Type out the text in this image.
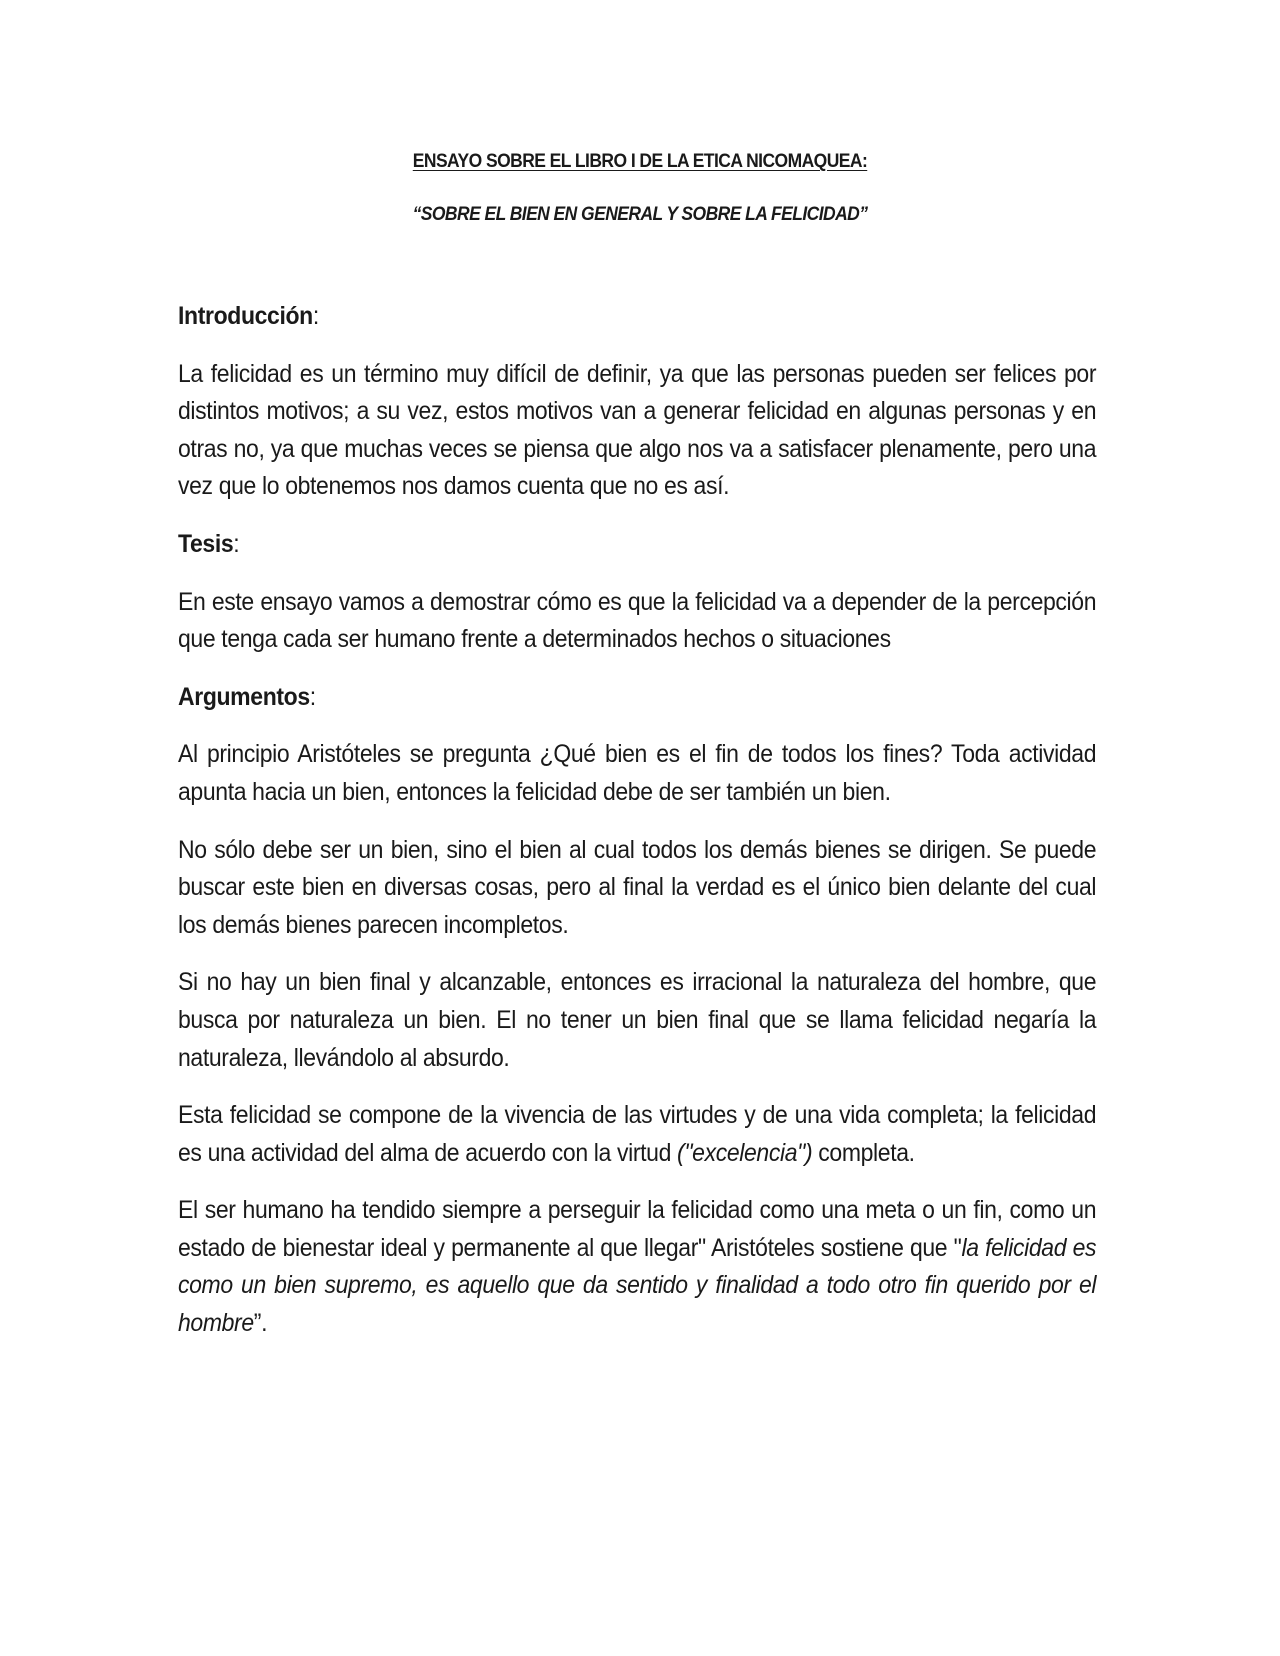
ENSAYO SOBRE EL LIBRO I DE LA ETICA NICOMAQUEA:
“SOBRE EL BIEN EN GENERAL Y SOBRE LA FELICIDAD”

Introducción:

La felicidad es un término muy difícil de definir, ya que las personas pueden ser felices por distintos motivos; a su vez, estos motivos van a generar felicidad en algunas personas y en otras no, ya que muchas veces se piensa que algo nos va a satisfacer plenamente, pero una vez que lo obtenemos nos damos cuenta que no es así.

Tesis:

En este ensayo vamos a demostrar cómo es que la felicidad va a depender de la percepción que tenga cada ser humano frente a determinados hechos o situaciones

Argumentos:

Al principio Aristóteles se pregunta ¿Qué bien es el fin de todos los fines? Toda actividad apunta hacia un bien, entonces la felicidad debe de ser también un bien.

No sólo debe ser un bien, sino el bien al cual todos los demás bienes se dirigen. Se puede buscar este bien en diversas cosas, pero al final la verdad es el único bien delante del cual los demás bienes parecen incompletos.

Si no hay un bien final y alcanzable, entonces es irracional la naturaleza del hombre, que busca por naturaleza un bien. El no tener un bien final que se llama felicidad negaría la naturaleza, llevándolo al absurdo.

Esta felicidad se compone de la vivencia de las virtudes y de una vida completa; la felicidad es una actividad del alma de acuerdo con la virtud ("excelencia") completa.

El ser humano ha tendido siempre a perseguir la felicidad como una meta o un fin, como un estado de bienestar ideal y permanente al que llegar" Aristóteles sostiene que "la felicidad es como un bien supremo, es aquello que da sentido y finalidad a todo otro fin querido por el hombre”.
